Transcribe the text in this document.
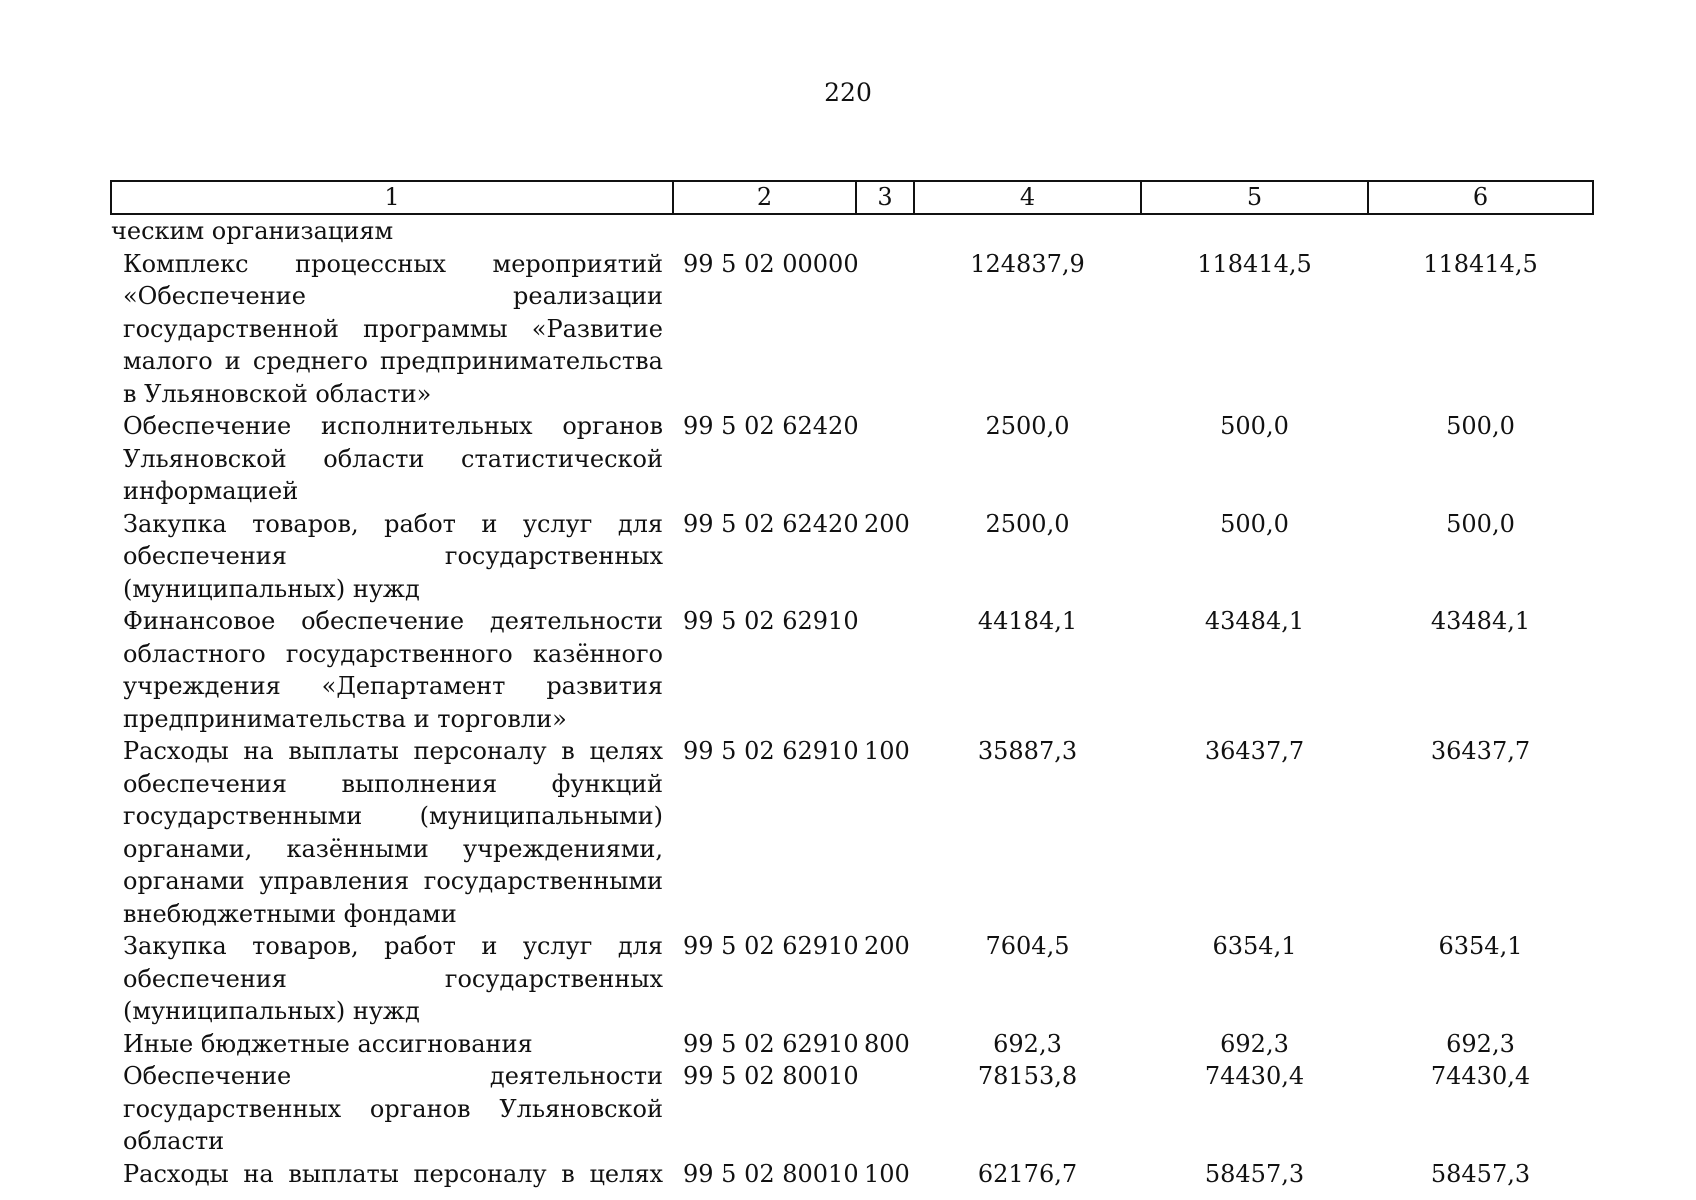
220
1	2	3	4	5	6
ческим организациям					
Комплекс процессных мероприятий «Обеспечение реализации государственной программы «Развитие малого и среднего предпринимательства в Ульяновской области»	99 5 02 00000		124837,9	118414,5	118414,5
Обеспечение исполнительных органов Ульяновской области статистической информацией	99 5 02 62420		2500,0	500,0	500,0
Закупка товаров, работ и услуг для обеспечения государственных (муниципальных) нужд	99 5 02 62420	200	2500,0	500,0	500,0
Финансовое обеспечение деятельности областного государственного казённого учреждения «Департамент развития предпринимательства и торговли»	99 5 02 62910		44184,1	43484,1	43484,1
Расходы на выплаты персоналу в целях обеспечения выполнения функций государственными (муниципальными) органами, казёнными учреждениями, органами управления государственными внебюджетными фондами	99 5 02 62910	100	35887,3	36437,7	36437,7
Закупка товаров, работ и услуг для обеспечения государственных (муниципальных) нужд	99 5 02 62910	200	7604,5	6354,1	6354,1
Иные бюджетные ассигнования	99 5 02 62910	800	692,3	692,3	692,3
Обеспечение деятельности государственных органов Ульяновской области	99 5 02 80010		78153,8	74430,4	74430,4
Расходы на выплаты персоналу в целях	99 5 02 80010	100	62176,7	58457,3	58457,3
